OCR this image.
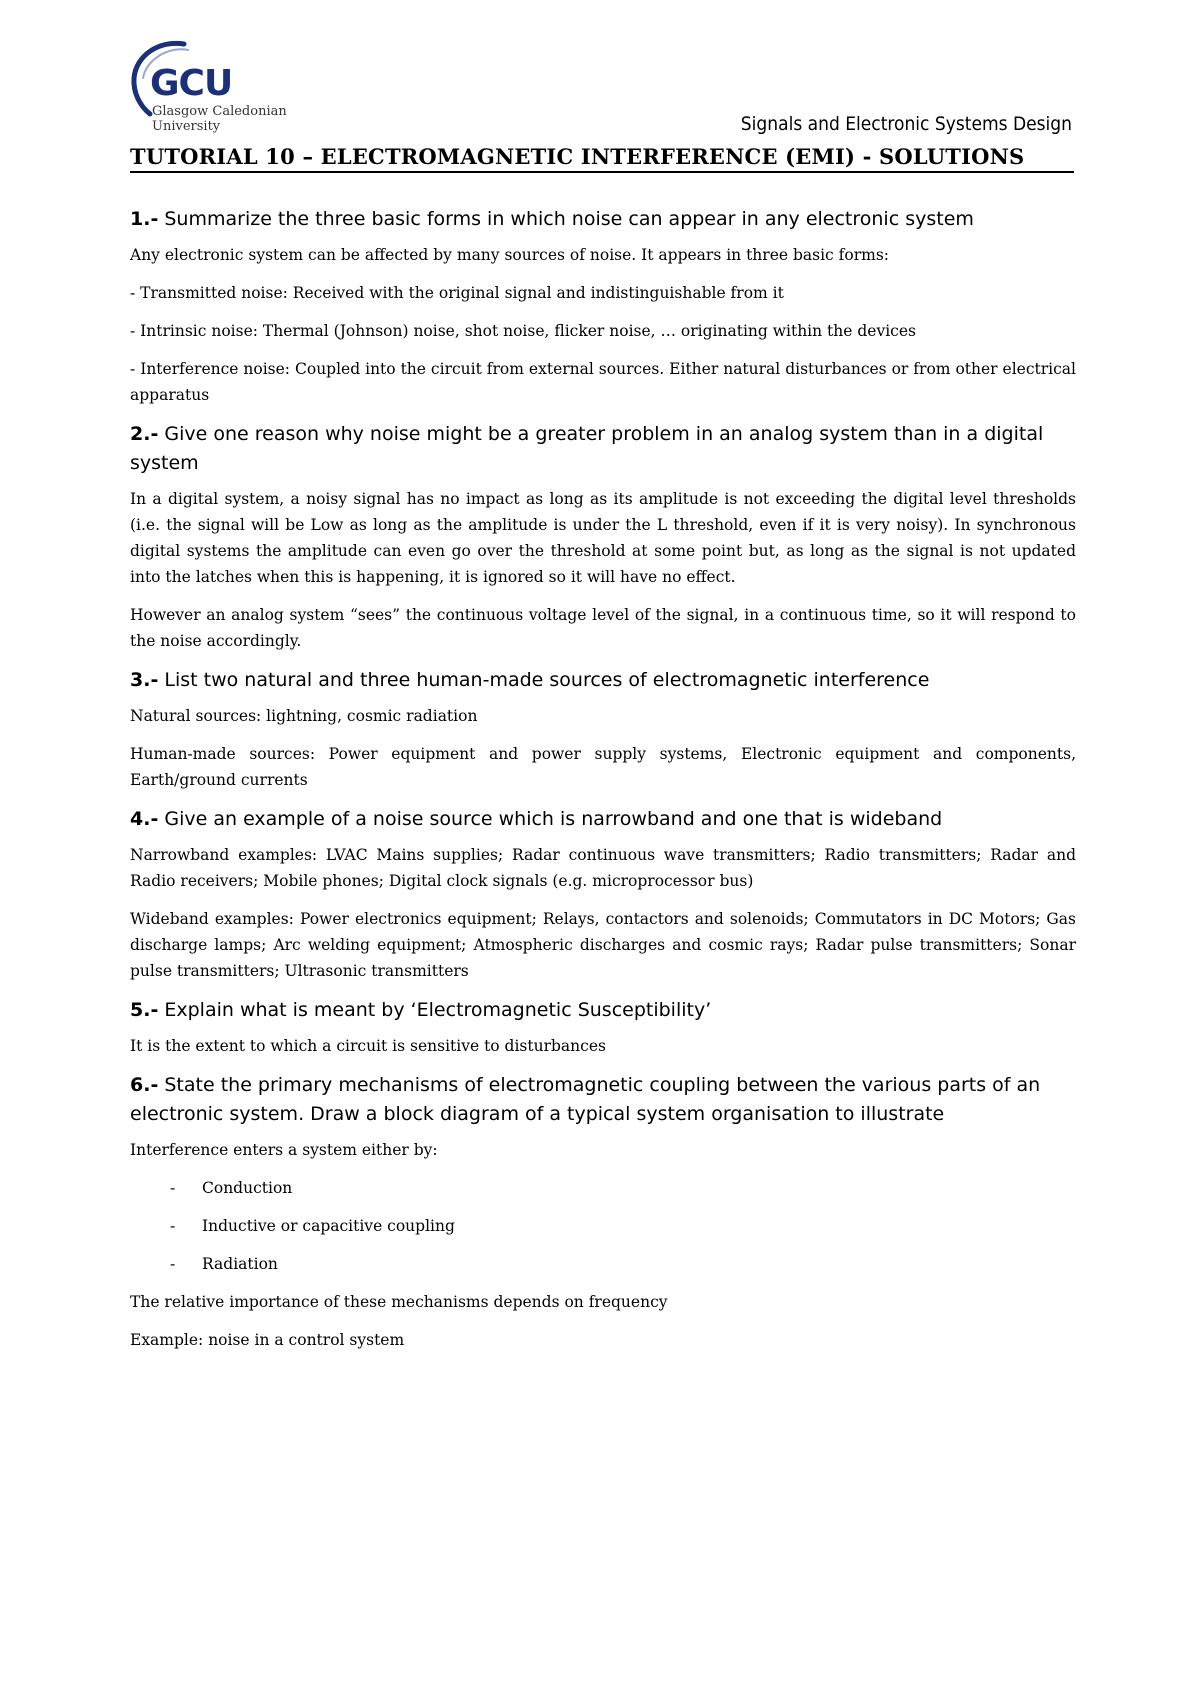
GCU
Glasgow Caledonian
University	Signals and Electronic Systems Design
TUTORIAL 10 – ELECTROMAGNETIC INTERFERENCE (EMI) - SOLUTIONS

1.- Summarize the three basic forms in which noise can appear in any electronic system

Any electronic system can be affected by many sources of noise. It appears in three basic forms:

- Transmitted noise: Received with the original signal and indistinguishable from it

- Intrinsic noise: Thermal (Johnson) noise, shot noise, flicker noise, … originating within the devices

- Interference noise: Coupled into the circuit from external sources. Either natural disturbances or from other electrical apparatus

2.- Give one reason why noise might be a greater problem in an analog system than in a digital system

In a digital system, a noisy signal has no impact as long as its amplitude is not exceeding the digital level thresholds (i.e. the signal will be Low as long as the amplitude is under the L threshold, even if it is very noisy). In synchronous digital systems the amplitude can even go over the threshold at some point but, as long as the signal is not updated into the latches when this is happening, it is ignored so it will have no effect.

However an analog system “sees” the continuous voltage level of the signal, in a continuous time, so it will respond to the noise accordingly.

3.- List two natural and three human-made sources of electromagnetic interference

Natural sources: lightning, cosmic radiation

Human-made sources: Power equipment and power supply systems, Electronic equipment and components, Earth/ground currents

4.- Give an example of a noise source which is narrowband and one that is wideband

Narrowband examples: LVAC Mains supplies; Radar continuous wave transmitters; Radio transmitters; Radar and Radio receivers; Mobile phones; Digital clock signals (e.g. microprocessor bus)

Wideband examples: Power electronics equipment; Relays, contactors and solenoids; Commutators in DC Motors; Gas discharge lamps; Arc welding equipment; Atmospheric discharges and cosmic rays; Radar pulse transmitters; Sonar pulse transmitters; Ultrasonic transmitters

5.- Explain what is meant by ‘Electromagnetic Susceptibility’

It is the extent to which a circuit is sensitive to disturbances

6.- State the primary mechanisms of electromagnetic coupling between the various parts of an electronic system. Draw a block diagram of a typical system organisation to illustrate

Interference enters a system either by:

- Conduction
- Inductive or capacitive coupling
- Radiation

The relative importance of these mechanisms depends on frequency

Example: noise in a control system
